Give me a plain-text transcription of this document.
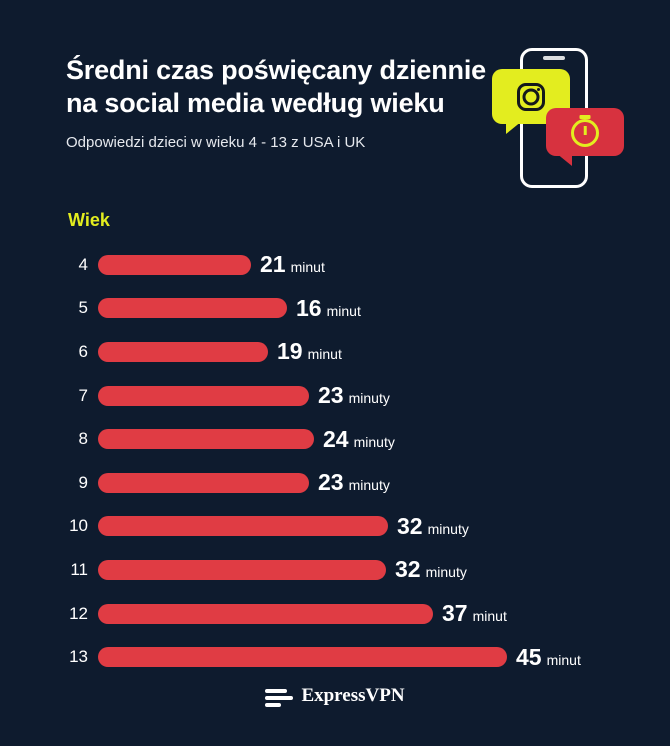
Średni czas poświęcany dziennie na social media według wieku
Odpowiedzi dzieci w wieku 4 - 13 z USA i UK
Wiek
4	21 minut
5	16 minut
6	19 minut
7	23 minuty
8	24 minuty
9	23 minuty
10	32 minuty
11	32 minuty
12	37 minut
13	45 minut
ExpressVPN
